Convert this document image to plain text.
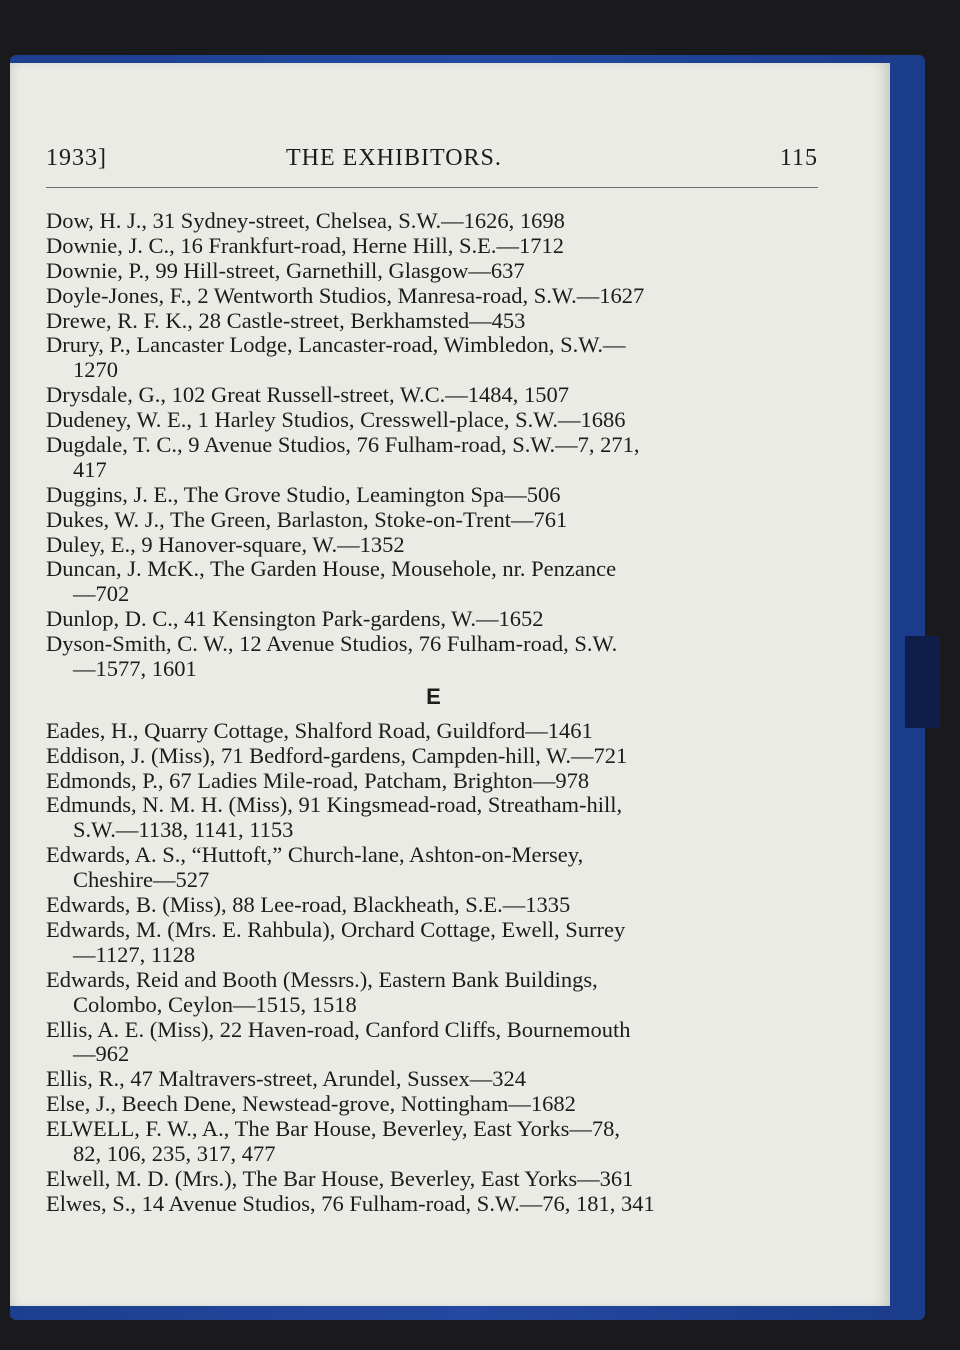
1933]	THE EXHIBITORS.	115
Dow, H. J., 31 Sydney-street, Chelsea, S.W.—1626, 1698
Downie, J. C., 16 Frankfurt-road, Herne Hill, S.E.—1712
Downie, P., 99 Hill-street, Garnethill, Glasgow—637
Doyle-Jones, F., 2 Wentworth Studios, Manresa-road, S.W.—1627
Drewe, R. F. K., 28 Castle-street, Berkhamsted—453
Drury, P., Lancaster Lodge, Lancaster-road, Wimbledon, S.W.—
1270
Drysdale, G., 102 Great Russell-street, W.C.—1484, 1507
Dudeney, W. E., 1 Harley Studios, Cresswell-place, S.W.—1686
Dugdale, T. C., 9 Avenue Studios, 76 Fulham-road, S.W.—7, 271,
417
Duggins, J. E., The Grove Studio, Leamington Spa—506
Dukes, W. J., The Green, Barlaston, Stoke-on-Trent—761
Duley, E., 9 Hanover-square, W.—1352
Duncan, J. McK., The Garden House, Mousehole, nr. Penzance
—702
Dunlop, D. C., 41 Kensington Park-gardens, W.—1652
Dyson-Smith, C. W., 12 Avenue Studios, 76 Fulham-road, S.W.
—1577, 1601
E
Eades, H., Quarry Cottage, Shalford Road, Guildford—1461
Eddison, J. (Miss), 71 Bedford-gardens, Campden-hill, W.—721
Edmonds, P., 67 Ladies Mile-road, Patcham, Brighton—978
Edmunds, N. M. H. (Miss), 91 Kingsmead-road, Streatham-hill,
S.W.—1138, 1141, 1153
Edwards, A. S., “Huttoft,” Church-lane, Ashton-on-Mersey,
Cheshire—527
Edwards, B. (Miss), 88 Lee-road, Blackheath, S.E.—1335
Edwards, M. (Mrs. E. Rahbula), Orchard Cottage, Ewell, Surrey
—1127, 1128
Edwards, Reid and Booth (Messrs.), Eastern Bank Buildings,
Colombo, Ceylon—1515, 1518
Ellis, A. E. (Miss), 22 Haven-road, Canford Cliffs, Bournemouth
—962
Ellis, R., 47 Maltravers-street, Arundel, Sussex—324
Else, J., Beech Dene, Newstead-grove, Nottingham—1682
ELWELL, F. W., A., The Bar House, Beverley, East Yorks—78,
82, 106, 235, 317, 477
Elwell, M. D. (Mrs.), The Bar House, Beverley, East Yorks—361
Elwes, S., 14 Avenue Studios, 76 Fulham-road, S.W.—76, 181, 341
